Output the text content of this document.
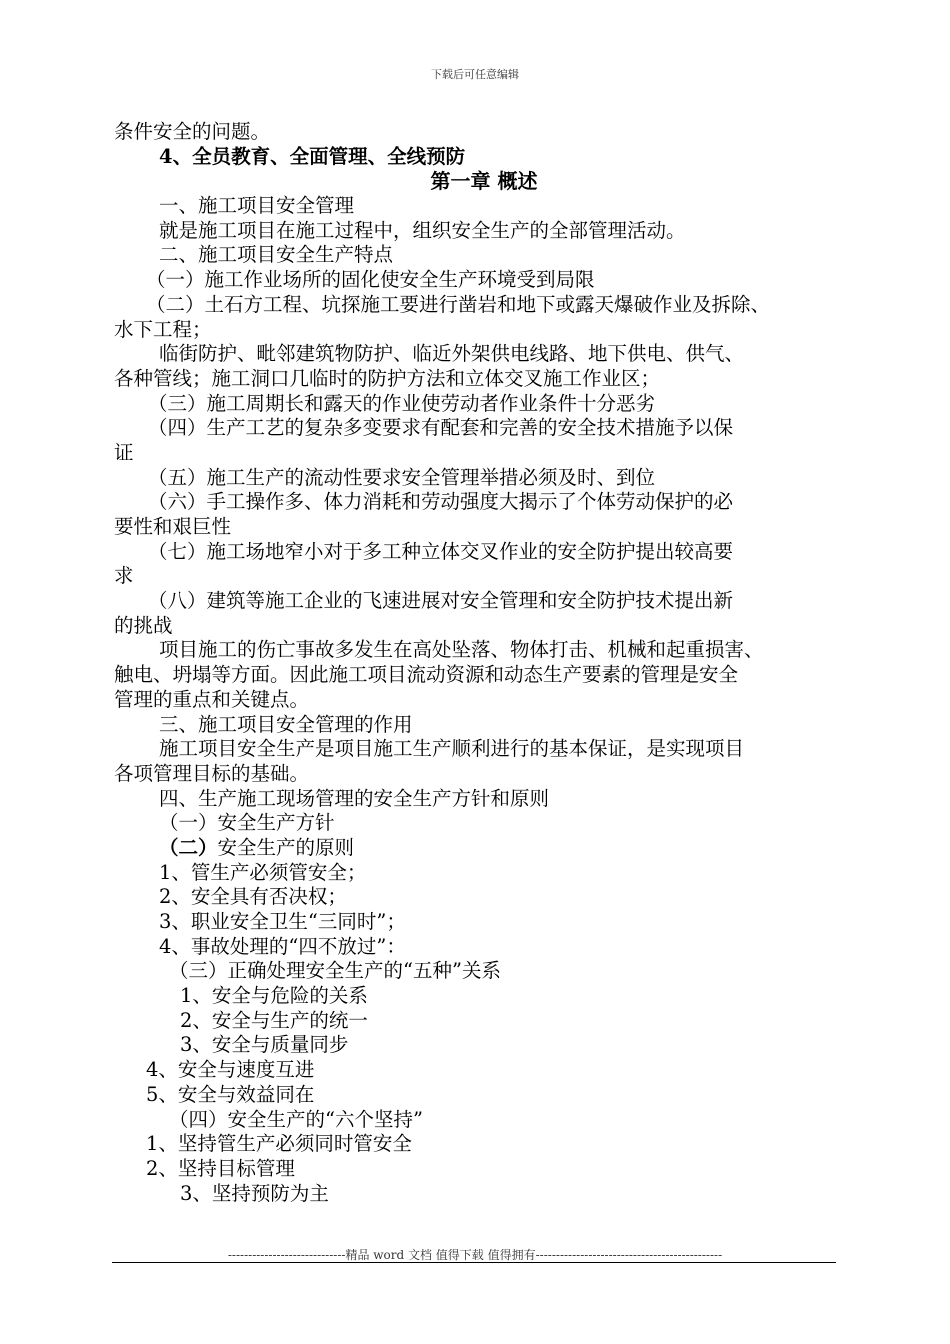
下载后可任意编辑
条件安全的问题。
4、全员教育、全面管理、全线预防
第一章 概述
一、施工项目安全管理
就是施工项目在施工过程中，组织安全生产的全部管理活动。
二、施工项目安全生产特点
（一）施工作业场所的固化使安全生产环境受到局限
（二）土石方工程、坑探施工要进行凿岩和地下或露天爆破作业及拆除、
水下工程；
临街防护、毗邻建筑物防护、临近外架供电线路、地下供电、供气、
各种管线；施工洞口几临时的防护方法和立体交叉施工作业区；
（三）施工周期长和露天的作业使劳动者作业条件十分恶劣
（四）生产工艺的复杂多变要求有配套和完善的安全技术措施予以保
证
（五）施工生产的流动性要求安全管理举措必须及时、到位
（六）手工操作多、体力消耗和劳动强度大揭示了个体劳动保护的必
要性和艰巨性
（七）施工场地窄小对于多工种立体交叉作业的安全防护提出较高要
求
（八）建筑等施工企业的飞速进展对安全管理和安全防护技术提出新
的挑战
项目施工的伤亡事故多发生在高处坠落、物体打击、机械和起重损害、
触电、坍塌等方面。因此施工项目流动资源和动态生产要素的管理是安全
管理的重点和关键点。
三、施工项目安全管理的作用
施工项目安全生产是项目施工生产顺利进行的基本保证，是实现项目
各项管理目标的基础。
四、生产施工现场管理的安全生产方针和原则
（一）安全生产方针
（二）安全生产的原则
1、管生产必须管安全；
2、安全具有否决权；
3、职业安全卫生“三同时”；
4、事故处理的“四不放过”：
（三）正确处理安全生产的“五种”关系
1、安全与危险的关系
2、安全与生产的统一
3、安全与质量同步
4、安全与速度互进
5、安全与效益同在
（四）安全生产的“六个坚持”
1、坚持管生产必须同时管安全
2、坚持目标管理
3、坚持预防为主
-----------------------------精品 word 文档 值得下载 值得拥有----------------------------------------------
